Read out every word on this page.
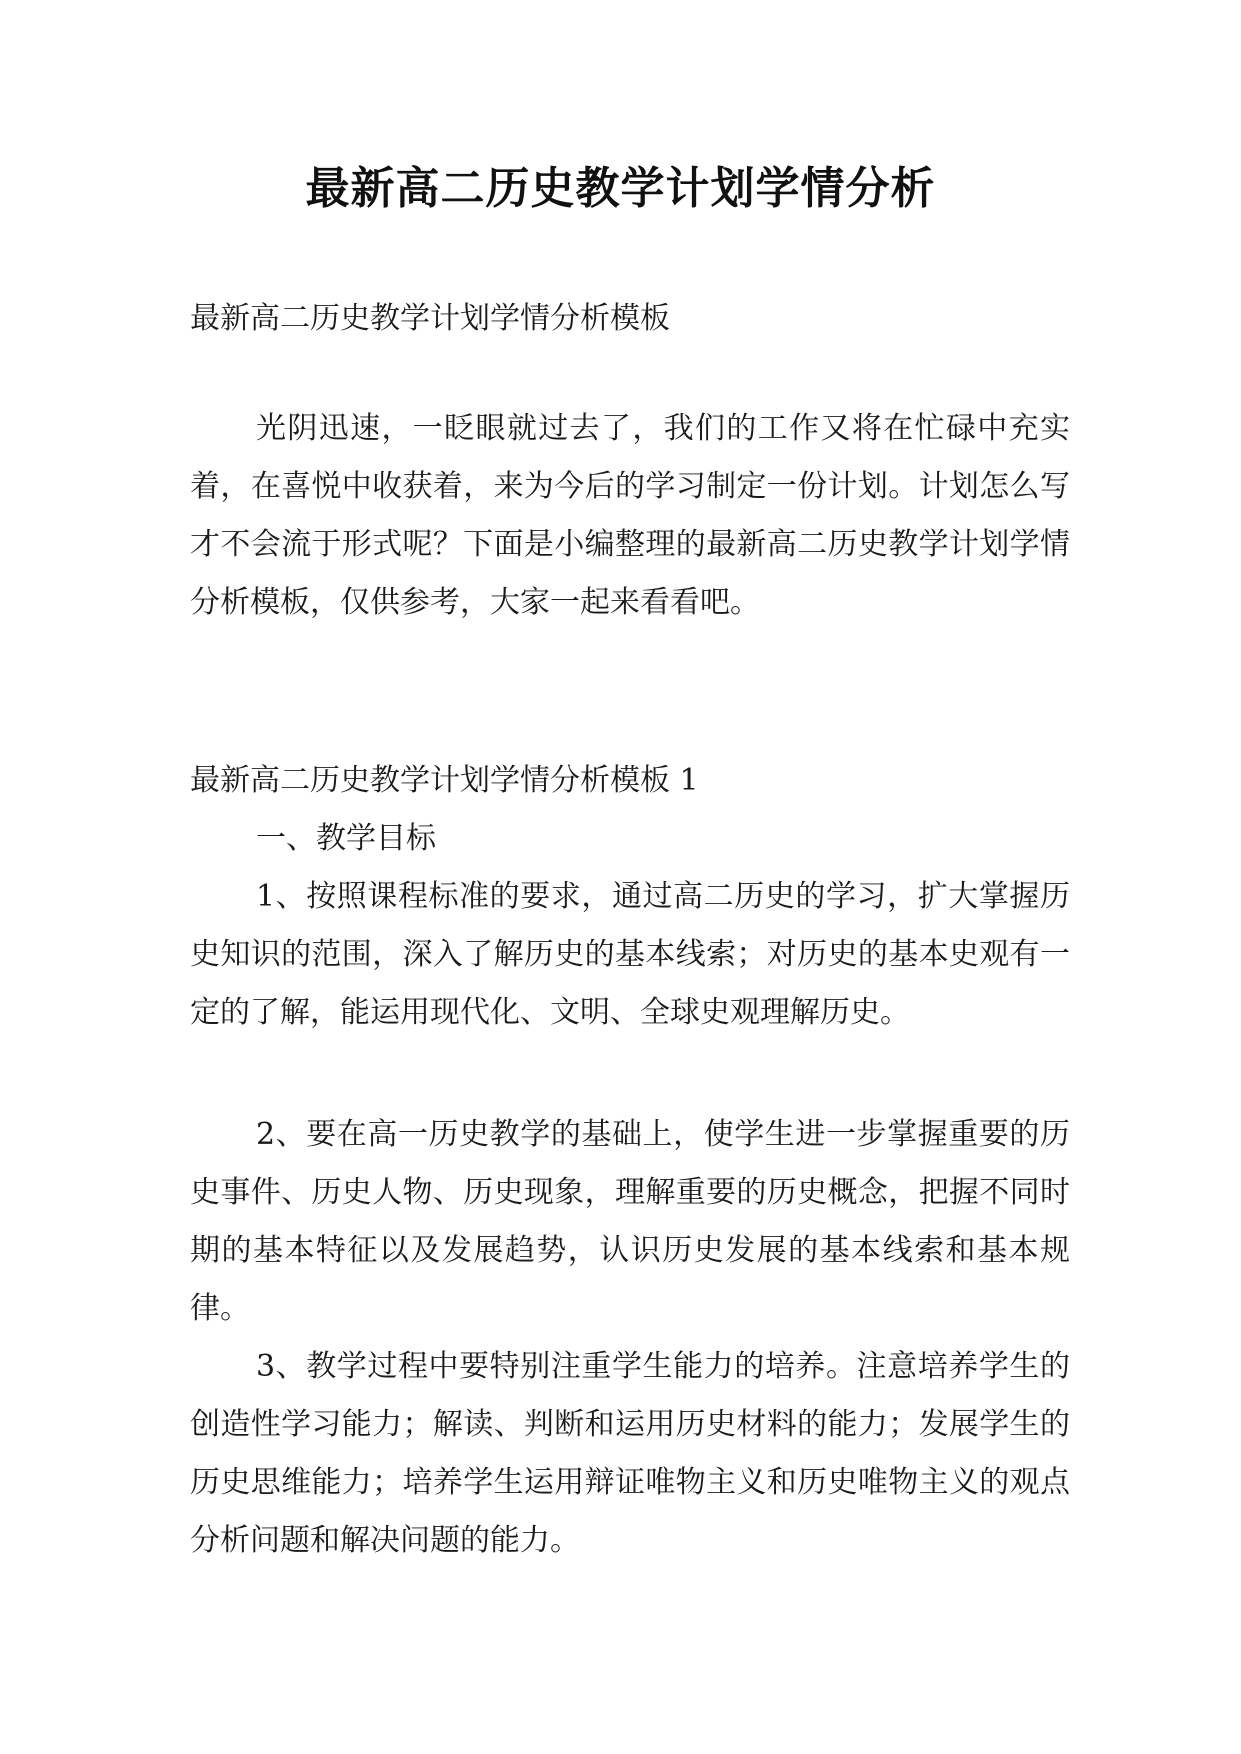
最新高二历史教学计划学情分析

最新高二历史教学计划学情分析模板

光阴迅速，一眨眼就过去了，我们的工作又将在忙碌中充实着，在喜悦中收获着，来为今后的学习制定一份计划。计划怎么写才不会流于形式呢？下面是小编整理的最新高二历史教学计划学情分析模板，仅供参考，大家一起来看看吧。

最新高二历史教学计划学情分析模板 1

一、教学目标

1、按照课程标准的要求，通过高二历史的学习，扩大掌握历史知识的范围，深入了解历史的基本线索；对历史的基本史观有一定的了解，能运用现代化、文明、全球史观理解历史。

2、要在高一历史教学的基础上，使学生进一步掌握重要的历史事件、历史人物、历史现象，理解重要的历史概念，把握不同时期的基本特征以及发展趋势，认识历史发展的基本线索和基本规律。

3、教学过程中要特别注重学生能力的培养。注意培养学生的创造性学习能力；解读、判断和运用历史材料的能力；发展学生的历史思维能力；培养学生运用辩证唯物主义和历史唯物主义的观点分析问题和解决问题的能力。
